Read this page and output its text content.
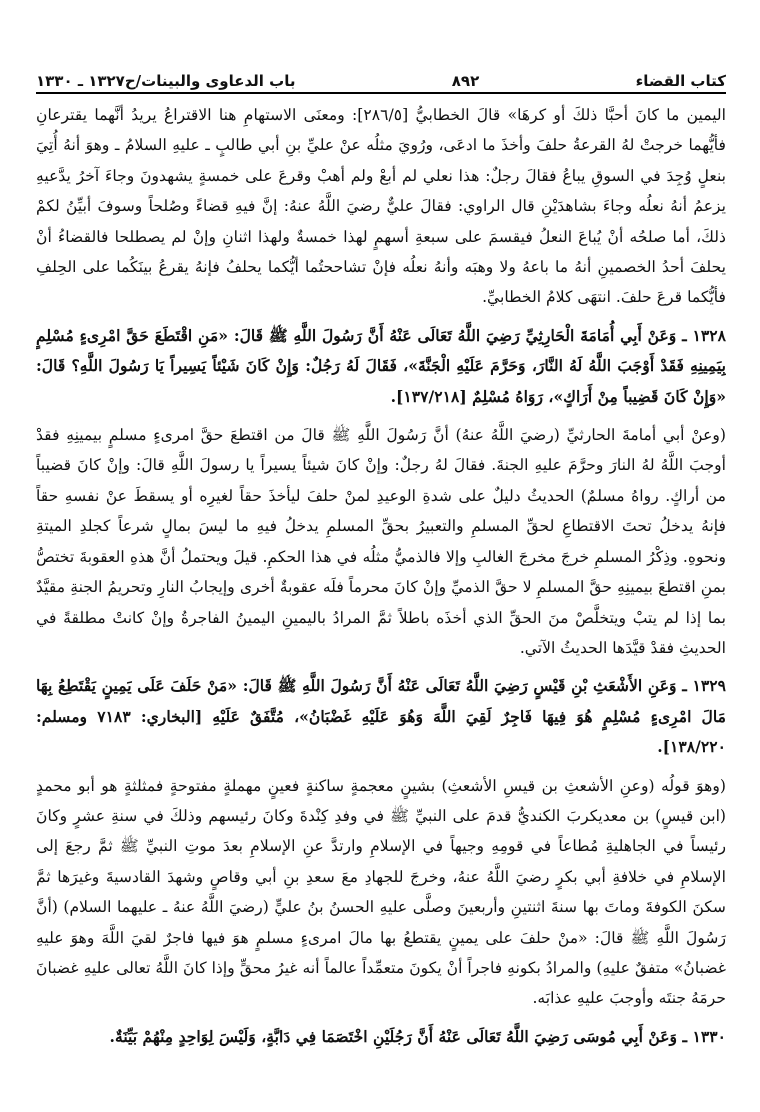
كتاب القضاء
٨٩٢
باب الدعاوى والبينات/ح١٣٢٧ ـ ١٣٣٠

اليمين ما كانَ أحبَّا ذلكَ أو كرهَا» قالَ الخطابيُّ [٢٨٦/٥]: ومعنَى الاستهامِ هنا الاقتراعُ يريدُ أنَّهما يقترعانِ فأيُّهما خرجتْ لهُ القرعةُ حلفَ وأخذَ ما ادعَى، ورُويَ مثلُه عنْ عليِّ بنِ أبي طالبٍ ـ عليهِ السلامُ ـ وهوَ أنهُ أُتِيَ بنعلٍ وُجِدَ في السوقِ يباعُ فقالَ رجلٌ: هذا نعلي لم أبعْ ولم أهبْ وقرعَ على خمسةٍ يشهدونَ وجاءَ آخرُ يدَّعيهِ يزعمُ أنهُ نعلُه وجاءَ بشاهدَيْنِ قال الراوي: فقالَ عليٌّ رضيَ اللَّهُ عنهُ: إنَّ فيهِ قضاءً وصُلحاً وسوفَ أبيِّنُ لكمْ ذلكَ، أما صلحُه أنْ يُباعَ النعلُ فيقسمَ على سبعةِ أسهمٍ لهذا خمسةٌ ولهذا اثنانِ وإنْ لم يصطلحا فالقضاءُ أنْ يحلفَ أحدُ الخصمينِ أنهُ ما باعهُ ولا وهبَه وأنهُ نعلُه فإنْ تشاححتُما أيُّكما يحلفُ فإنهُ يقرعُ بينَكُما على الحِلفِ فأيُّكما قرعَ حلفَ. انتهَى كلامُ الخطابيِّ.

١٣٢٨ ـ وَعَنْ أَبِي أُمَامَةَ الْحَارِثِيِّ رَضِيَ اللَّهُ تَعَالَى عَنْهُ أَنَّ رَسُولَ اللَّهِ ﷺ قَالَ: «مَنِ اقْتَطَعَ حَقَّ امْرِىءٍ مُسْلِمٍ بِيَمِينِهِ فَقَدْ أَوْجَبَ اللَّهُ لَهُ النَّارَ، وَحَرَّمَ عَلَيْهِ الْجَنَّةَ»، فَقَالَ لَهُ رَجُلٌ: وَإِنْ كَانَ شَيْئاً يَسِيراً يَا رَسُولَ اللَّهِ؟ قَالَ: «وَإِنْ كَانَ قَضِيباً مِنْ أَرَاكٍ»، رَوَاهُ مُسْلِمٌ [١٣٧/٢١٨].

(وعنْ أبي أمامةَ الحارثيِّ (رضيَ اللَّهُ عنهُ) أنَّ رَسُولَ اللَّهِ ﷺ قالَ من اقتطعَ حقَّ امرىءٍ مسلمٍ بيمينِهِ فقدْ أوجبَ اللَّهُ لهُ النارَ وحرَّمَ عليهِ الجنةَ. فقالَ لهُ رجلٌ: وإنْ كانَ شيئاً يسيراً يا رسولَ اللَّهِ قالَ: وإنْ كانَ قضيباً من أراكٍ. رواهُ مسلمٌ) الحديثُ دليلٌ على شدةِ الوعيدِ لمنْ حلفَ ليأخذَ حقاً لغيرِه أو يسقطَ عنْ نفسهِ حقاً فإنهُ يدخلُ تحتَ الاقتطاعِ لحقِّ المسلمِ والتعبيرُ بحقِّ المسلمِ يدخلُ فيهِ ما ليسَ بمالٍ شرعاً كجلدِ الميتةِ ونحوهِ. وذِكْرُ المسلمِ خرجَ مخرجَ الغالبِ وإلا فالذميُّ مثلُه في هذا الحكمِ. قيلَ ويحتملُ أنَّ هذهِ العقوبةَ تختصُّ بمنِ اقتطعَ بيمينِهِ حقَّ المسلمِ لا حقَّ الذميِّ وإنْ كانَ محرماً فلَه عقوبةٌ أخرى وإيجابُ النارِ وتحريمُ الجنةِ مقيَّدٌ بما إذا لم يتبْ ويتخلَّصْ منَ الحقِّ الذي أخذَه باطلاً ثمَّ المرادُ باليمينِ اليمينُ الفاجرةُ وإنْ كانتْ مطلقةً في الحديثِ فقدْ قيَّدَها الحديثُ الآتي.

١٣٢٩ ـ وَعَنِ الأَشْعَثِ بْنِ قَيْسٍ رَضِيَ اللَّهُ تَعَالَى عَنْهُ أَنَّ رَسُولَ اللَّهِ ﷺ قَالَ: «مَنْ حَلَفَ عَلَى يَمِينٍ يَقْتَطِعُ بِهَا مَالَ امْرِىءٍ مُسْلِمٍ هُوَ فِيهَا فَاجِرٌ لَقِيَ اللَّهَ وَهُوَ عَلَيْهِ غَضْبَانُ»، مُتَّفَقٌ عَلَيْهِ [البخاري: ٧١٨٣ ومسلم: ١٣٨/٢٢٠].

(وهوَ قولُه (وعنِ الأشعثِ بن قيسِ الأشعثِ) بشينٍ معجمةٍ ساكنةٍ فعينٍ مهملةٍ مفتوحةٍ فمثلثةٍ هو أبو محمدٍ (ابن قيسٍ) بن معديكربَ الكنديُّ قدمَ على النبيِّ ﷺ في وفدِ كِنْدةَ وكانَ رئيسهم وذلكَ في سنةِ عشرٍ وكانَ رئيساً في الجاهليةِ مُطاعاً في قومِهِ وجيهاً في الإسلامِ وارتدَّ عنِ الإسلامِ بعدَ موتِ النبيِّ ﷺ ثمَّ رجعَ إلى الإسلامِ في خلافةِ أبي بكرٍ رضيَ اللَّهُ عنهُ، وخرجَ للجهادِ معَ سعدِ بنِ أبي وقاصٍ وشهدَ القادسيةَ وغيرَها ثمَّ سكنَ الكوفةَ وماتَ بها سنةَ اثنتينِ وأربعينَ وصلَّى عليهِ الحسنُ بنُ عليٍّ (رضيَ اللَّهُ عنهُ ـ عليهما السلام) (أنَّ رَسُولَ اللَّهِ ﷺ قالَ: «منْ حلفَ على يمينٍ يقتطعُ بها مالَ امرىءٍ مسلمٍ هوَ فيها فاجرٌ لقيَ اللَّهَ وهوَ عليهِ غضبانُ» متفقٌ عليهِ) والمرادُ بكونهِ فاجراً أنْ يكونَ متعمِّداً عالماً أنه غيرُ محقٍّ وإذا كانَ اللَّهُ تعالى عليهِ غضبانَ حرمَهُ جنتَه وأوجبَ عليهِ عذابَه.

١٣٣٠ ـ وَعَنْ أَبِي مُوسَى رَضِيَ اللَّهُ تَعَالَى عَنْهُ أَنَّ رَجُلَيْنِ اخْتَصَمَا فِي دَابَّةٍ، وَلَيْسَ لِوَاحِدٍ مِنْهُمْ بَيِّنَةٌ.
